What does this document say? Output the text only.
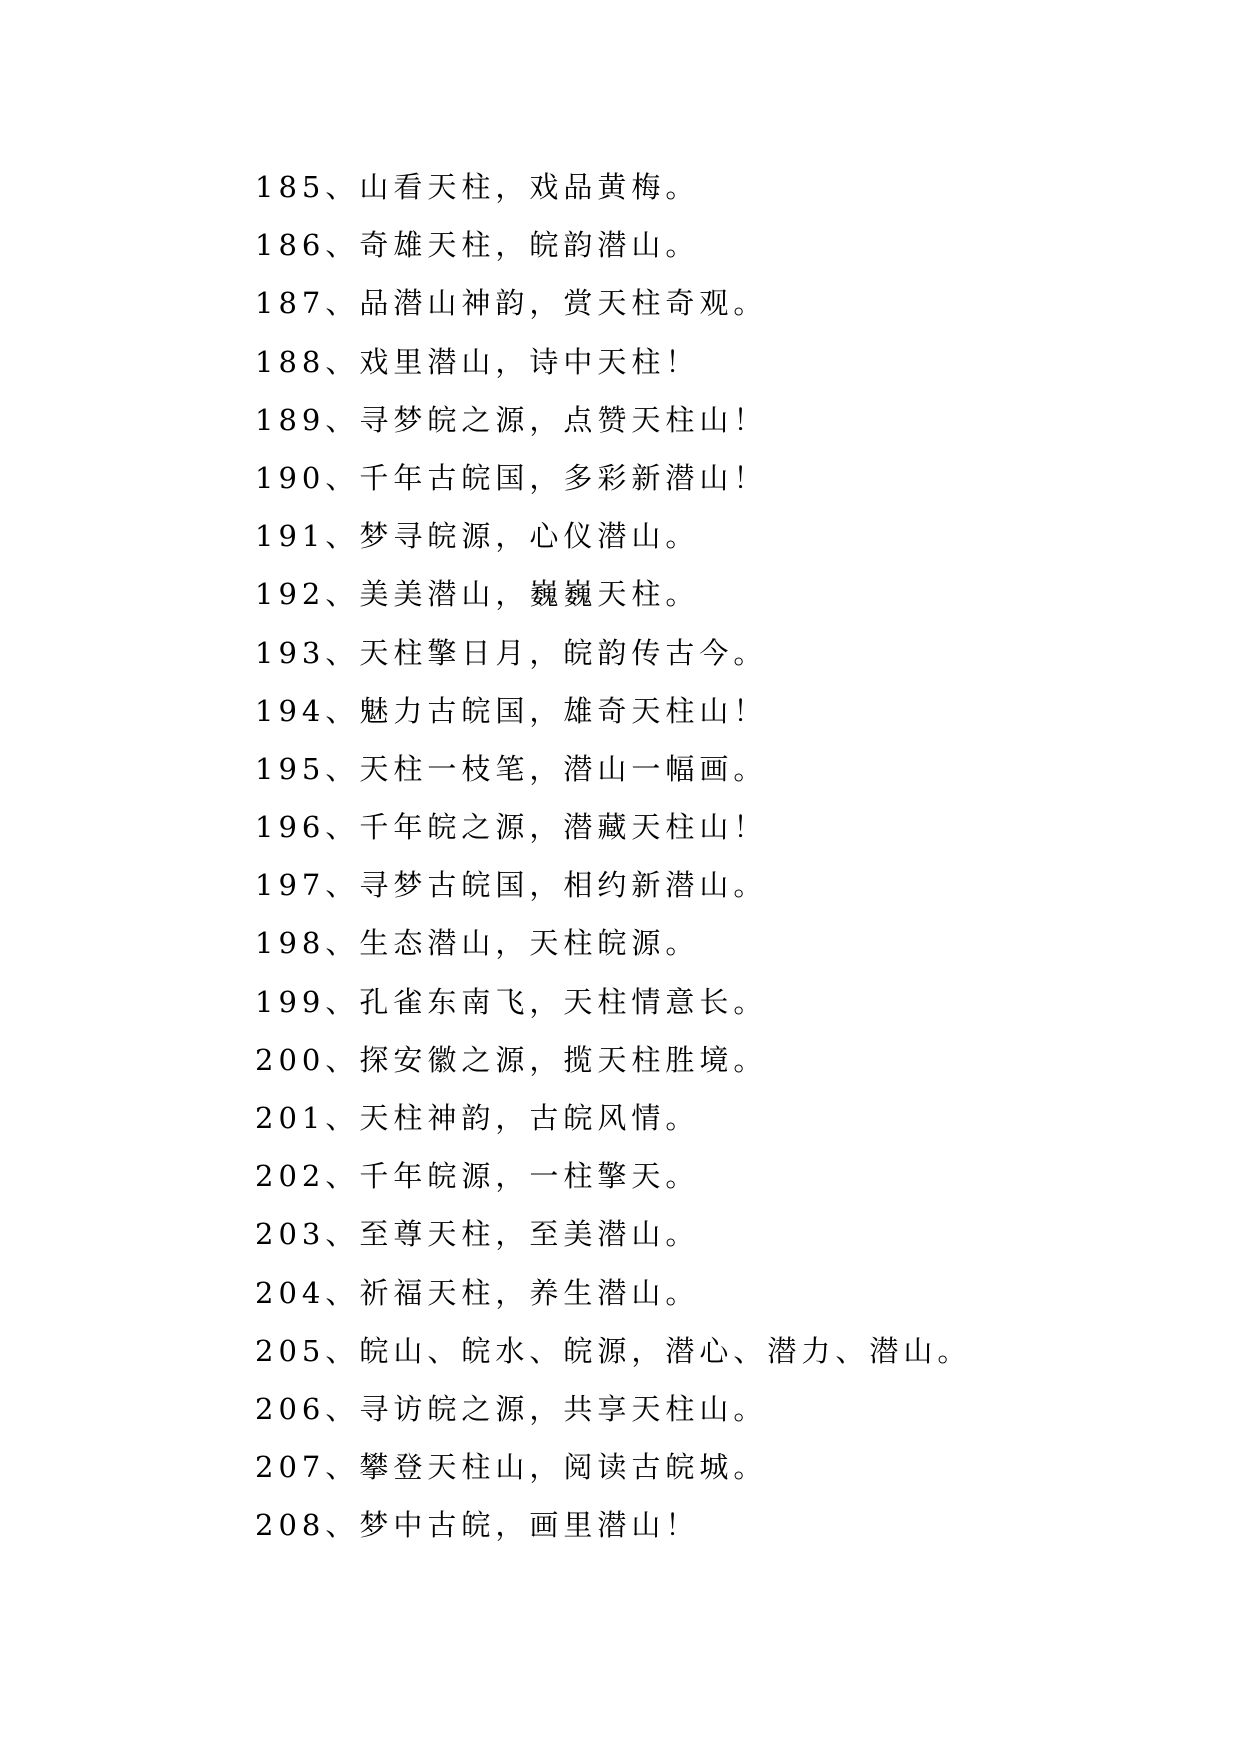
185、山看天柱，戏品黄梅。
186、奇雄天柱，皖韵潜山。
187、品潜山神韵，赏天柱奇观。
188、戏里潜山，诗中天柱！
189、寻梦皖之源，点赞天柱山！
190、千年古皖国，多彩新潜山！
191、梦寻皖源，心仪潜山。
192、美美潜山，巍巍天柱。
193、天柱擎日月，皖韵传古今。
194、魅力古皖国，雄奇天柱山！
195、天柱一枝笔，潜山一幅画。
196、千年皖之源，潜藏天柱山！
197、寻梦古皖国，相约新潜山。
198、生态潜山，天柱皖源。
199、孔雀东南飞，天柱情意长。
200、探安徽之源，揽天柱胜境。
201、天柱神韵，古皖风情。
202、千年皖源，一柱擎天。
203、至尊天柱，至美潜山。
204、祈福天柱，养生潜山。
205、皖山、皖水、皖源，潜心、潜力、潜山。
206、寻访皖之源，共享天柱山。
207、攀登天柱山，阅读古皖城。
208、梦中古皖，画里潜山！
